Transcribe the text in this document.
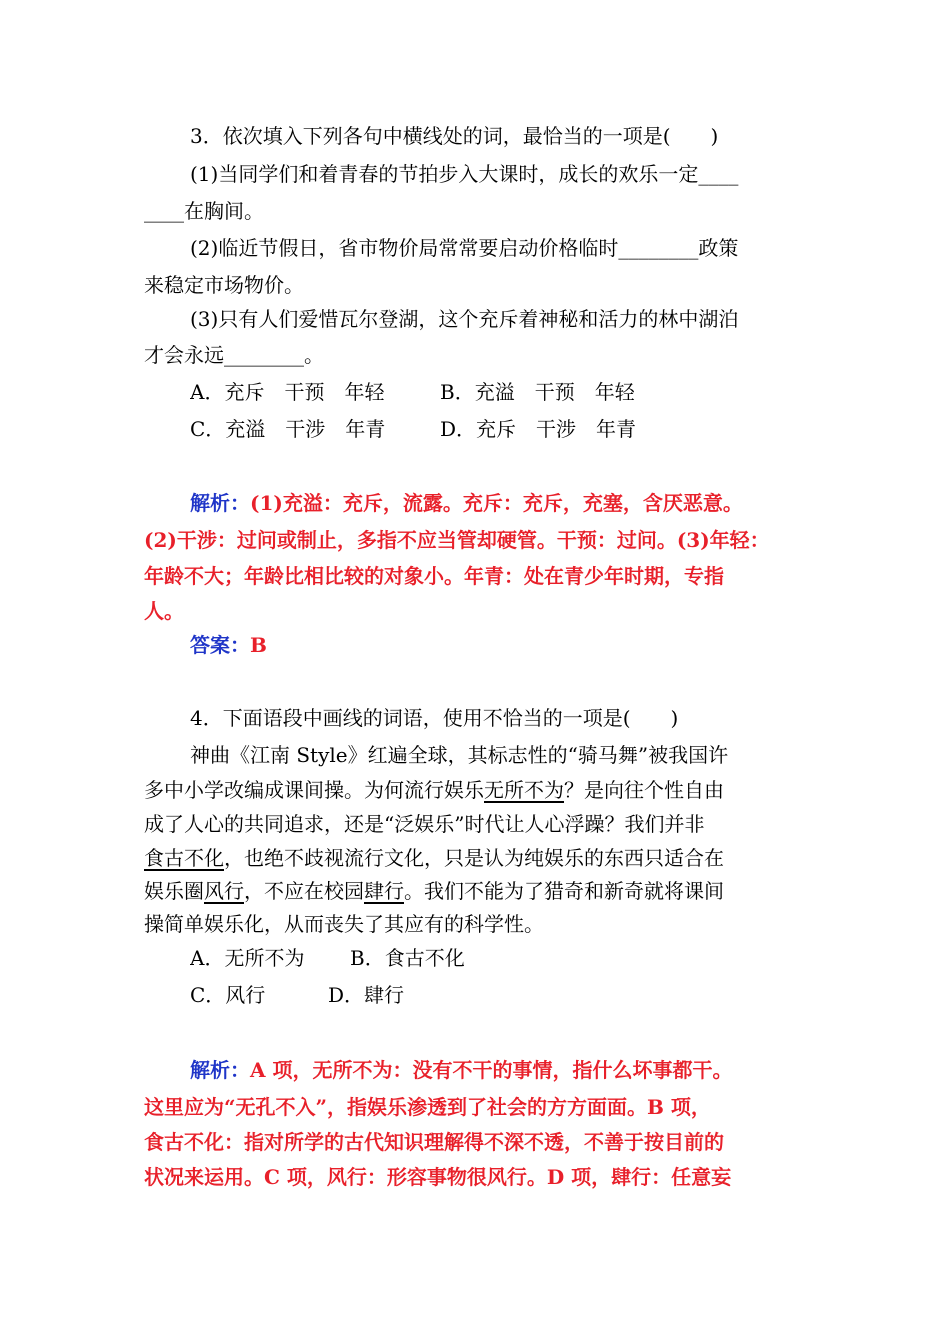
3．依次填入下列各句中横线处的词，最恰当的一项是(　　)
(1)当同学们和着青春的节拍步入大课时，成长的欢乐一定____
____在胸间。
(2)临近节假日，省市物价局常常要启动价格临时________政策
来稳定市场物价。
(3)只有人们爱惜瓦尔登湖，这个充斥着神秘和活力的林中湖泊
才会永远________。
A．充斥　干预　年轻	B．充溢　干预　年轻
C．充溢　干涉　年青	D．充斥　干涉　年青
解析：(1)充溢：充斥，流露。充斥：充斥，充塞，含厌恶意。
(2)干涉：过问或制止，多指不应当管却硬管。干预：过问。(3)年轻：
年龄不大；年龄比相比较的对象小。年青：处在青少年时期，专指
人。
答案：B
4．下面语段中画线的词语，使用不恰当的一项是(　　)
神曲《江南 Style》红遍全球，其标志性的“骑马舞”被我国许
多中小学改编成课间操。为何流行娱乐无所不为？是向往个性自由
成了人心的共同追求，还是“泛娱乐”时代让人心浮躁？我们并非
食古不化，也绝不歧视流行文化，只是认为纯娱乐的东西只适合在
娱乐圈风行，不应在校园肆行。我们不能为了猎奇和新奇就将课间
操简单娱乐化，从而丧失了其应有的科学性。
A．无所不为 B．食古不化
C．风行	D．肆行
解析：A 项，无所不为：没有不干的事情，指什么坏事都干。
这里应为“无孔不入”，指娱乐渗透到了社会的方方面面。B 项，
食古不化：指对所学的古代知识理解得不深不透，不善于按目前的
状况来运用。C 项，风行：形容事物很风行。D 项，肆行：任意妄
